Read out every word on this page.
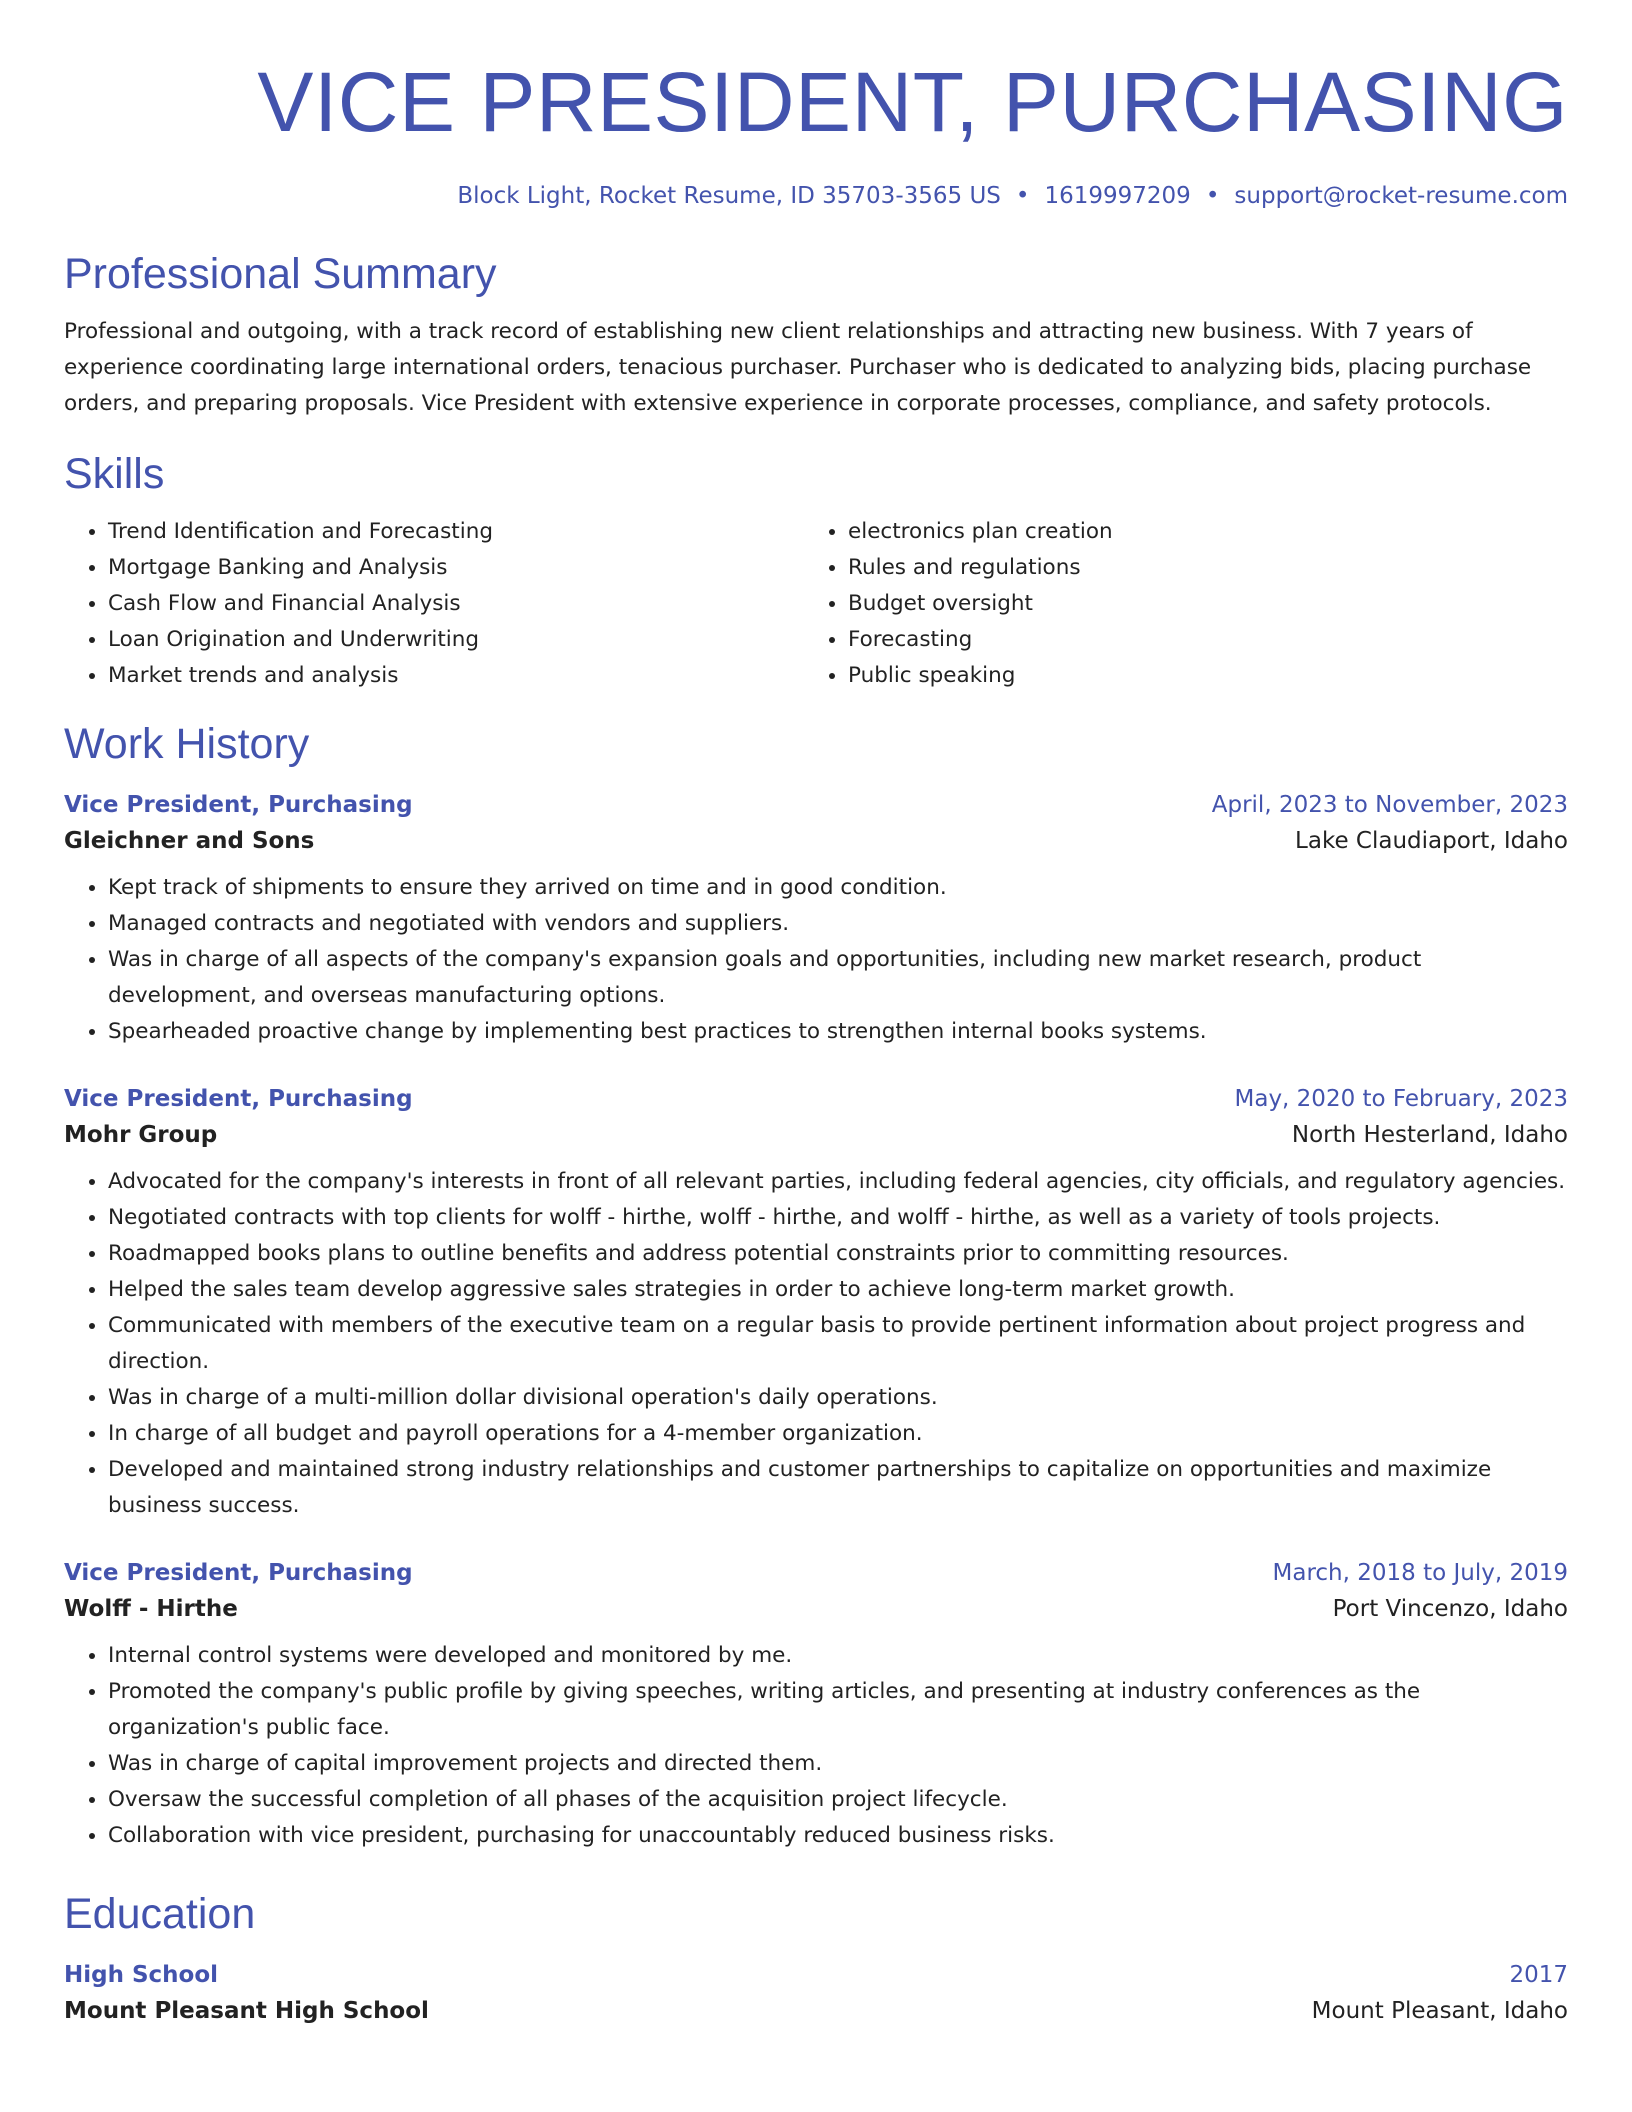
VICE PRESIDENT, PURCHASING
Block Light, Rocket Resume, ID 35703-3565 US • 1619997209 • support@rocket-resume.com
Professional Summary

Professional and outgoing, with a track record of establishing new client relationships and attracting new business. With 7 years of experience coordinating large international orders, tenacious purchaser. Purchaser who is dedicated to analyzing bids, placing purchase orders, and preparing proposals. Vice President with extensive experience in corporate processes, compliance, and safety protocols.

Skills
• Trend Identification and Forecasting
• Mortgage Banking and Analysis
• Cash Flow and Financial Analysis
• Loan Origination and Underwriting
• Market trends and analysis
• electronics plan creation
• Rules and regulations
• Budget oversight
• Forecasting
• Public speaking
Work History
Vice President, Purchasing	April, 2023 to November, 2023
Gleichner and Sons	Lake Claudiaport, Idaho
• Kept track of shipments to ensure they arrived on time and in good condition.
• Managed contracts and negotiated with vendors and suppliers.
• Was in charge of all aspects of the company's expansion goals and opportunities, including new market research, product development, and overseas manufacturing options.
• Spearheaded proactive change by implementing best practices to strengthen internal books systems.
Vice President, Purchasing	May, 2020 to February, 2023
Mohr Group	North Hesterland, Idaho
• Advocated for the company's interests in front of all relevant parties, including federal agencies, city officials, and regulatory agencies.
• Negotiated contracts with top clients for wolff - hirthe, wolff - hirthe, and wolff - hirthe, as well as a variety of tools projects.
• Roadmapped books plans to outline benefits and address potential constraints prior to committing resources.
• Helped the sales team develop aggressive sales strategies in order to achieve long-term market growth.
• Communicated with members of the executive team on a regular basis to provide pertinent information about project progress and direction.
• Was in charge of a multi-million dollar divisional operation's daily operations.
• In charge of all budget and payroll operations for a 4-member organization.
• Developed and maintained strong industry relationships and customer partnerships to capitalize on opportunities and maximize business success.
Vice President, Purchasing	March, 2018 to July, 2019
Wolff - Hirthe	Port Vincenzo, Idaho
• Internal control systems were developed and monitored by me.
• Promoted the company's public profile by giving speeches, writing articles, and presenting at industry conferences as the organization's public face.
• Was in charge of capital improvement projects and directed them.
• Oversaw the successful completion of all phases of the acquisition project lifecycle.
• Collaboration with vice president, purchasing for unaccountably reduced business risks.
Education
High School	2017
Mount Pleasant High School	Mount Pleasant, Idaho
